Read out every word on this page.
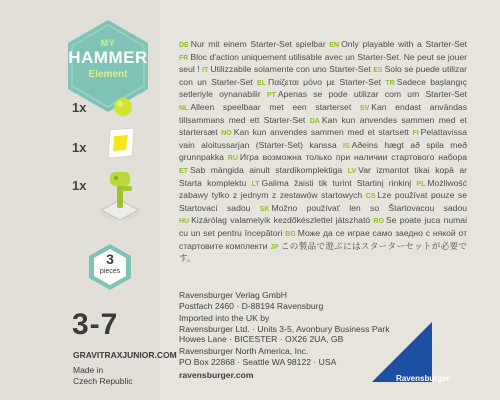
MY
HAMMER
Element
1x
1x
1x
3
pieces
3-7
GRAVITRAXJUNIOR.COM
Made in
Czech Republic
DE Nur mit einem Starter-Set spielbar EN Only playable with a Starter-Set FR Bloc d'action uniquement utilisable avec un Starter-Set. Ne peut se jouer seul ! IT Utilizzabile solamente con uno Starter-Set ES Solo se puede utilizar con un Starter-Set EL Παίζεται μόνο με Starter-Set TR Sadece başlangıç setleriyle oynanabilir PT Apenas se pode utilizar com um Starter-Set NL Alleen speelbaar met een starterset SV Kan endast användas tillsammans med ett Starter-Set DA Kan kun anvendes sammen med et startersæt NO Kan kun anvendes sammen med et startsett FI Pelattavissa vain aloitussarjan (Starter-Set) kanssa IS Aðeins hægt að spila með grunnpakka RU Игра возможна только при наличии стартового набора ET Sab mängida ainult stardikomplektiga LV Var izmantot tikai kopā ar Starta komplektu LT Galima žaisti tik turint Startinį rinkinį PL Możliwość zabawy tylko z jednym z zestawów startowych CS Lze používat pouze se Startovací sadou SK Možno používať len so Štartovacou sadou HU Kizárólag valamelyik kezdőkészlettel játszható RO Se poate juca numai cu un set pentru începători BG Може да се играе само заедно с някой от стартовите комплекти JP この製品で遊ぶにはスターターセットが必要です。
Ravensburger Verlag GmbH
Postfach 2460 · D-88194 Ravensburg
Imported into the UK by
Ravensburger Ltd. · Units 3-5, Avonbury Business Park
Howes Lane · BICESTER · OX26 2UA, GB
Ravensburger North America, Inc.
PO Box 22868 · Seattle WA 98122 · USA
ravensburger.com	Ravensburger
